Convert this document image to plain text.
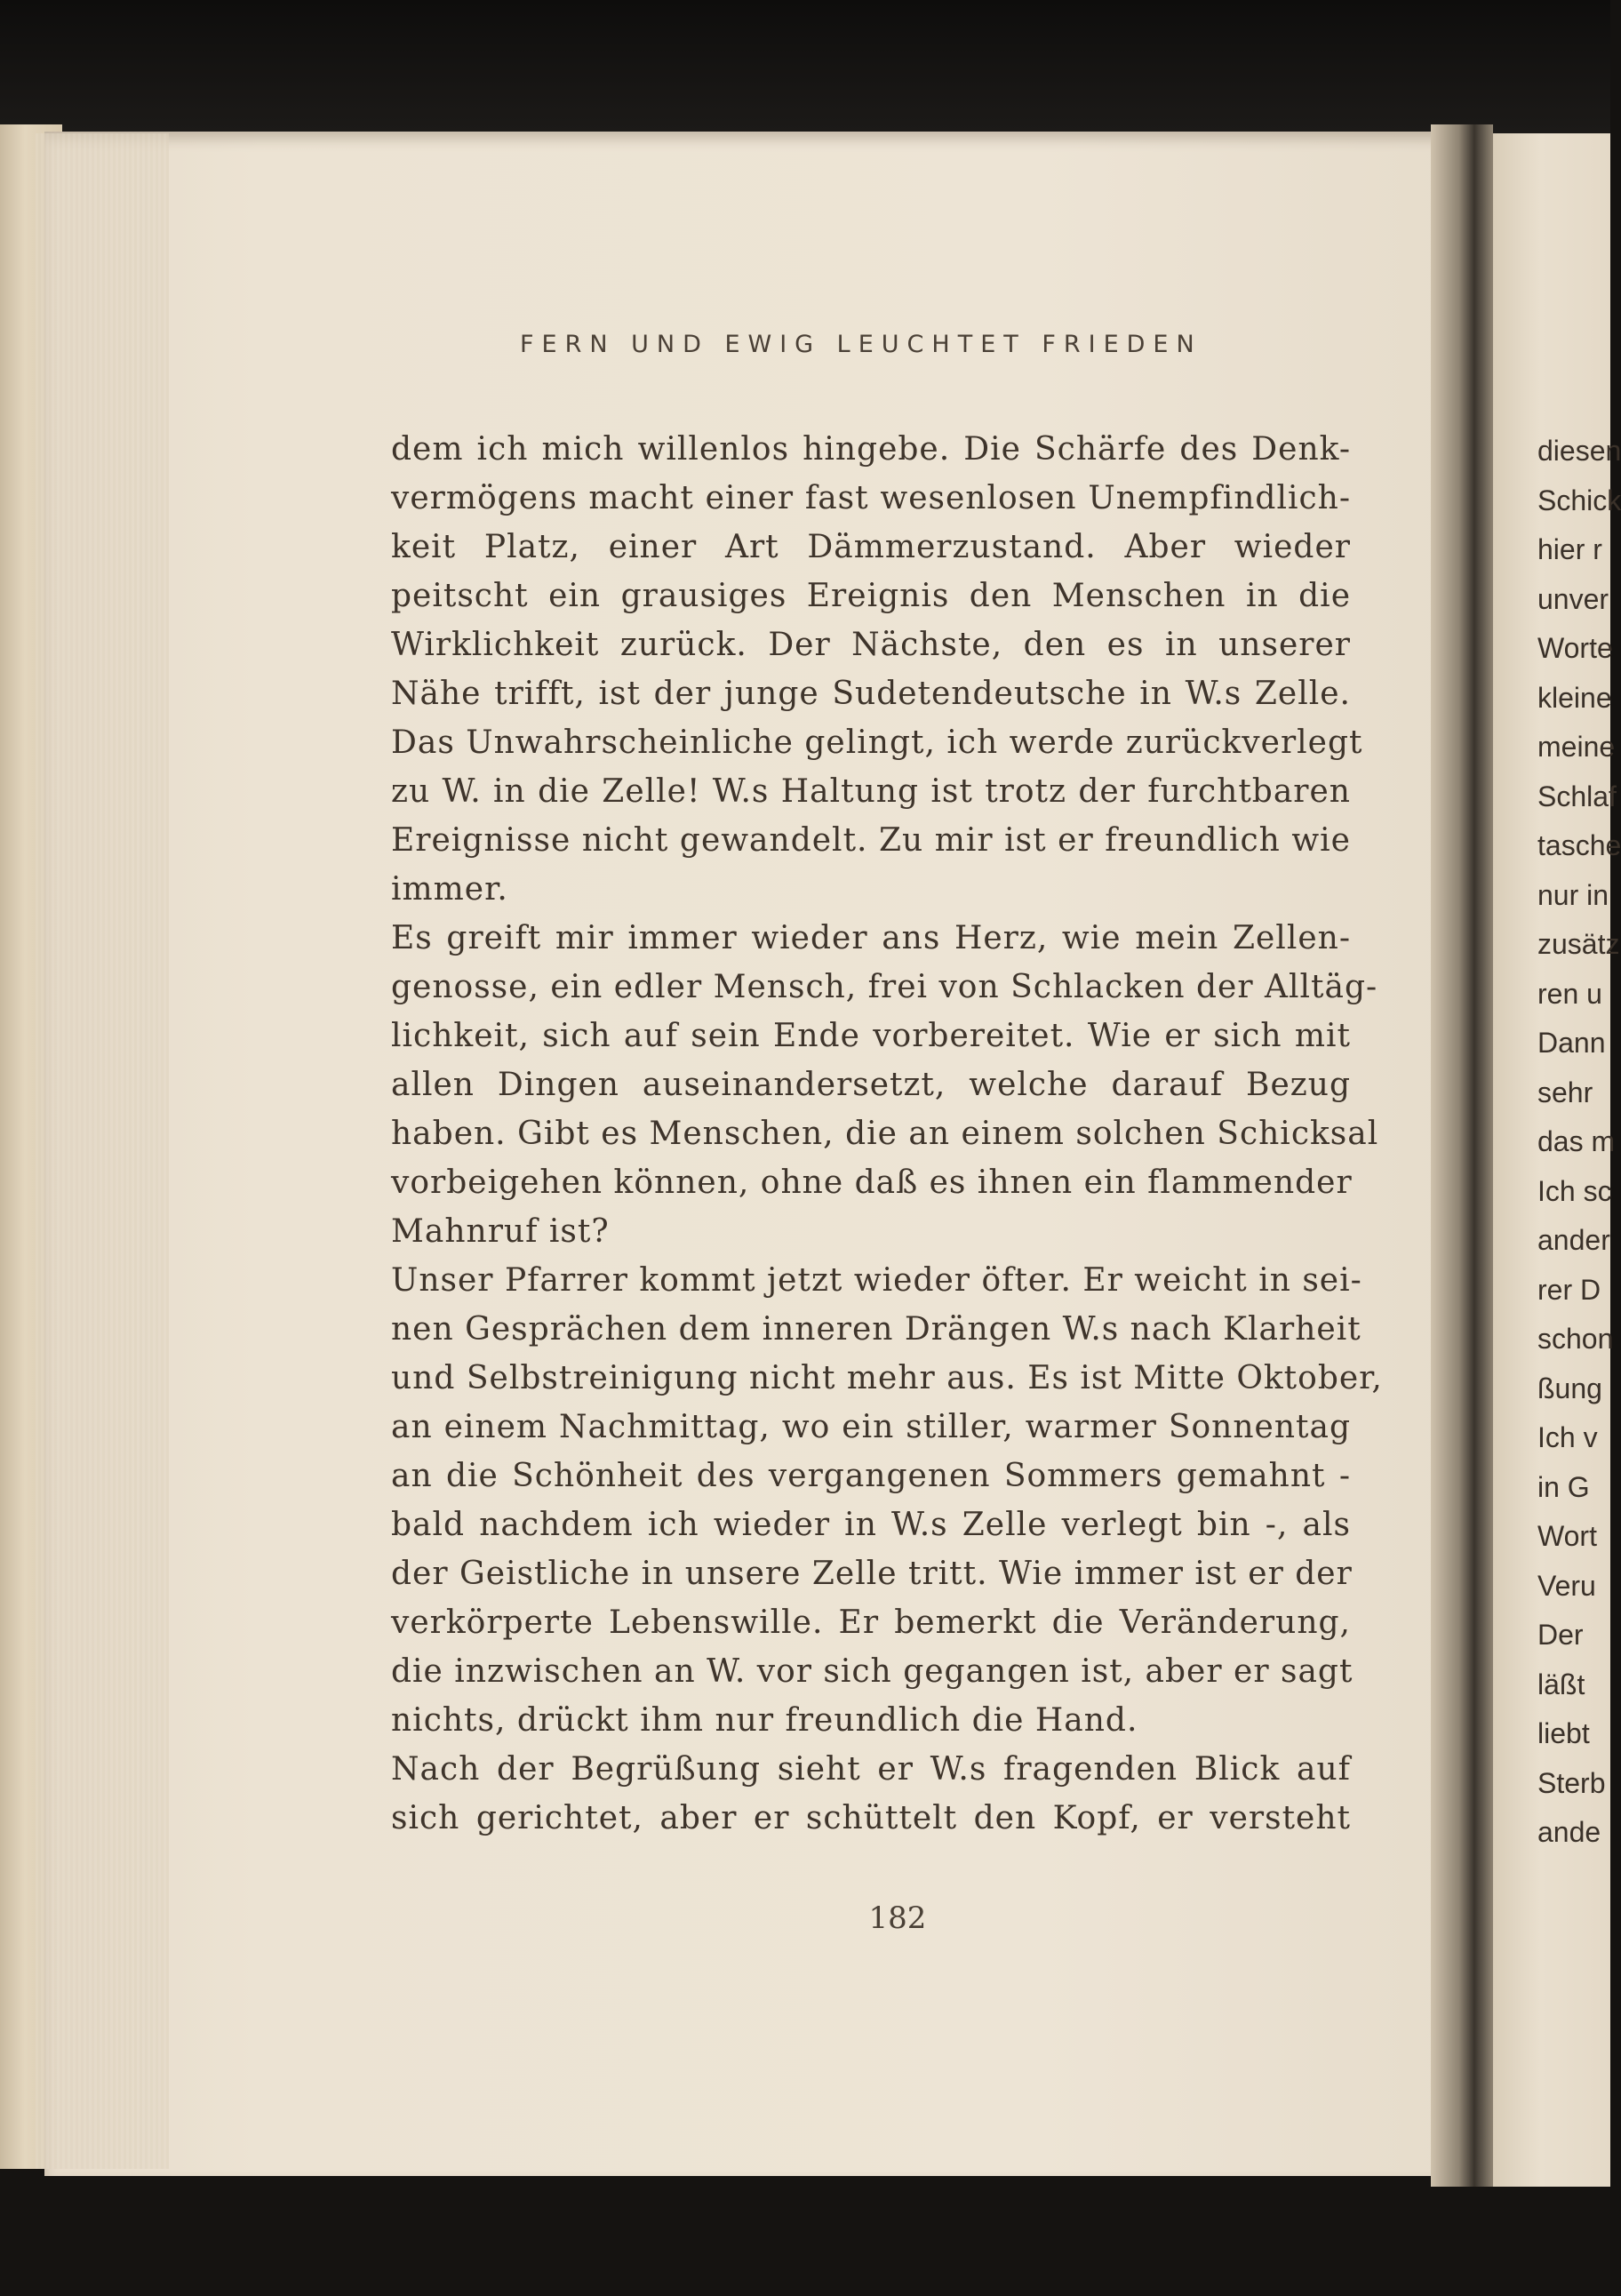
FERN UND EWIG LEUCHTET FRIEDEN
dem ich mich willenlos hingebe. Die Schärfe des Denk-
vermögens macht einer fast wesenlosen Unempfindlich-
keit Platz, einer Art Dämmerzustand. Aber wieder
peitscht ein grausiges Ereignis den Menschen in die
Wirklichkeit zurück. Der Nächste, den es in unserer
Nähe trifft, ist der junge Sudetendeutsche in W.s Zelle.
Das Unwahrscheinliche gelingt, ich werde zurückverlegt
zu W. in die Zelle! W.s Haltung ist trotz der furchtbaren
Ereignisse nicht gewandelt. Zu mir ist er freundlich wie
immer.
Es greift mir immer wieder ans Herz, wie mein Zellen-
genosse, ein edler Mensch, frei von Schlacken der Alltäg-
lichkeit, sich auf sein Ende vorbereitet. Wie er sich mit
allen Dingen auseinandersetzt, welche darauf Bezug
haben. Gibt es Menschen, die an einem solchen Schicksal
vorbeigehen können, ohne daß es ihnen ein flammender
Mahnruf ist?
Unser Pfarrer kommt jetzt wieder öfter. Er weicht in sei-
nen Gesprächen dem inneren Drängen W.s nach Klarheit
und Selbstreinigung nicht mehr aus. Es ist Mitte Oktober,
an einem Nachmittag, wo ein stiller, warmer Sonnentag
an die Schönheit des vergangenen Sommers gemahnt -
bald nachdem ich wieder in W.s Zelle verlegt bin -, als
der Geistliche in unsere Zelle tritt. Wie immer ist er der
verkörperte Lebenswille. Er bemerkt die Veränderung,
die inzwischen an W. vor sich gegangen ist, aber er sagt
nichts, drückt ihm nur freundlich die Hand.
Nach der Begrüßung sieht er W.s fragenden Blick auf
sich gerichtet, aber er schüttelt den Kopf, er versteht
182
diesen
Schick
hier r
unver
Worte
kleine
meine
Schlaf
tasche
nur in
zusätz
ren u
Dann
sehr
das m
Ich sc
ander
rer D
schon
ßung
Ich v
in G
Wort
Veru
Der
läßt
liebt
Sterb
ande
